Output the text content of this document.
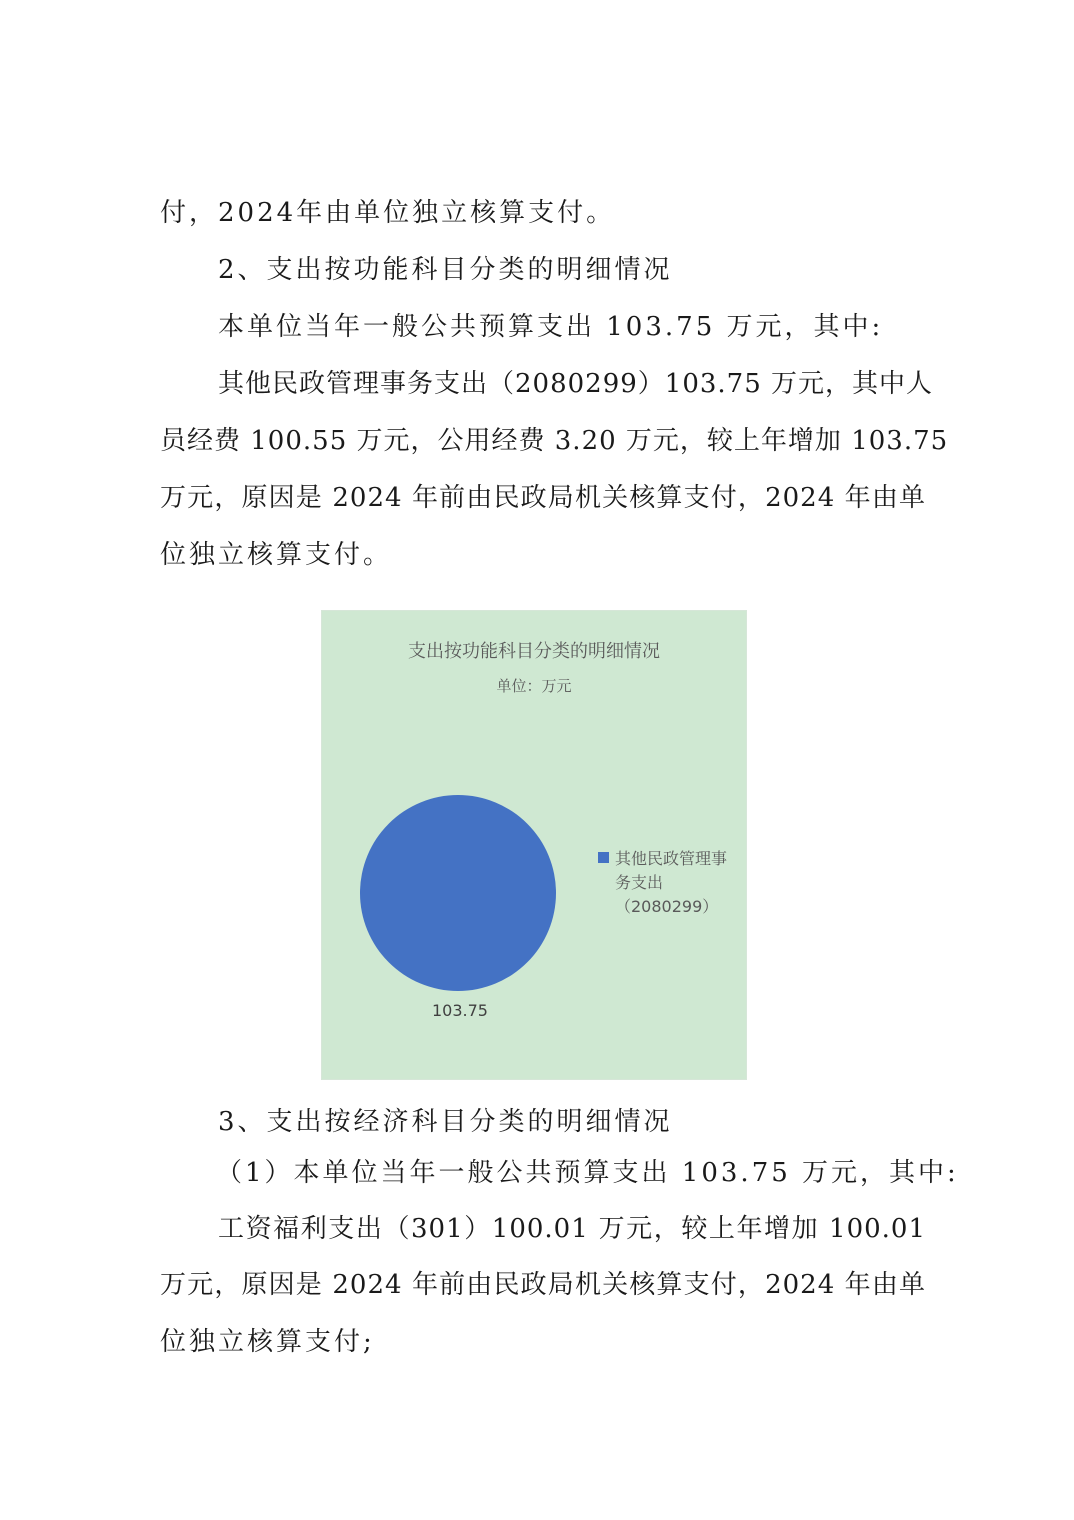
付，2024年由单位独立核算支付。
2、支出按功能科目分类的明细情况
本单位当年一般公共预算支出 103.75 万元，其中:
其他民政管理事务支出（2080299）103.75 万元，其中人
员经费 100.55 万元，公用经费 3.20 万元，较上年增加 103.75
万元，原因是 2024 年前由民政局机关核算支付，2024 年由单
位独立核算支付。
支出按功能科目分类的明细情况
单位：万元
103.75
其他民政管理事务支出（2080299）
3、支出按经济科目分类的明细情况
（1）本单位当年一般公共预算支出 103.75 万元，其中:
工资福利支出（301）100.01 万元，较上年增加 100.01
万元，原因是 2024 年前由民政局机关核算支付，2024 年由单
位独立核算支付;
